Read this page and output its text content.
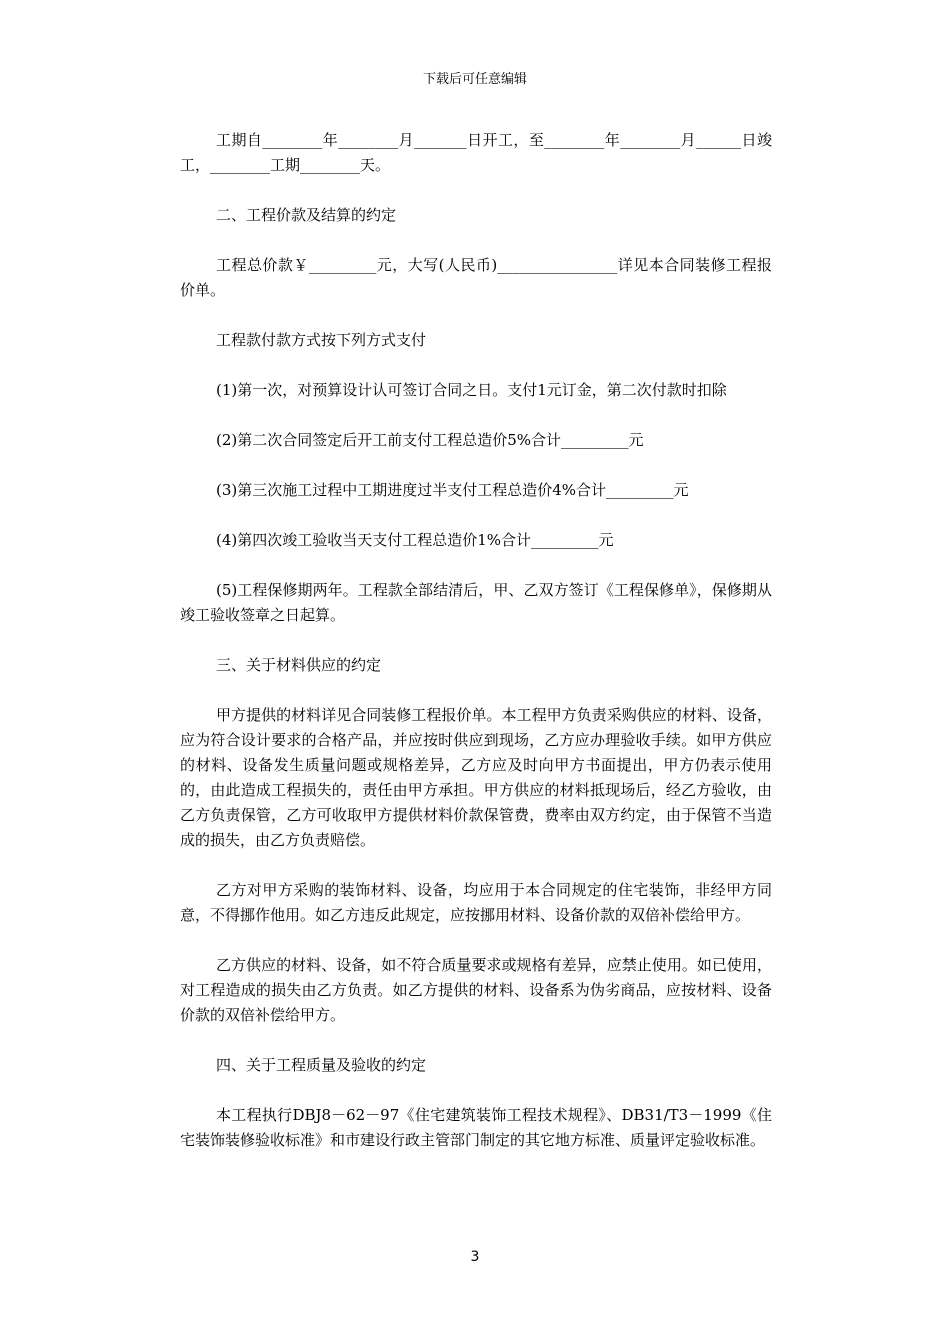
下载后可任意编辑

工期自________年________月_______日开工，至________年________月______日竣工，________工期________天。

二、工程价款及结算的约定

工程总价款￥_________元，大写(人民币)________________详见本合同装修工程报价单。

工程款付款方式按下列方式支付

(1)第一次，对预算设计认可签订合同之日。支付1元订金，第二次付款时扣除

(2)第二次合同签定后开工前支付工程总造价5%合计_________元

(3)第三次施工过程中工期进度过半支付工程总造价4%合计_________元

(4)第四次竣工验收当天支付工程总造价1%合计_________元

(5)工程保修期两年。工程款全部结清后，甲、乙双方签订《工程保修单》，保修期从竣工验收签章之日起算。

三、关于材料供应的约定

甲方提供的材料详见合同装修工程报价单。本工程甲方负责采购供应的材料、设备，应为符合设计要求的合格产品，并应按时供应到现场，乙方应办理验收手续。如甲方供应的材料、设备发生质量问题或规格差异，乙方应及时向甲方书面提出，甲方仍表示使用的，由此造成工程损失的，责任由甲方承担。甲方供应的材料抵现场后，经乙方验收，由乙方负责保管，乙方可收取甲方提供材料价款保管费，费率由双方约定，由于保管不当造成的损失，由乙方负责赔偿。

乙方对甲方采购的装饰材料、设备，均应用于本合同规定的住宅装饰，非经甲方同意，不得挪作他用。如乙方违反此规定，应按挪用材料、设备价款的双倍补偿给甲方。

乙方供应的材料、设备，如不符合质量要求或规格有差异，应禁止使用。如已使用，对工程造成的损失由乙方负责。如乙方提供的材料、设备系为伪劣商品，应按材料、设备价款的双倍补偿给甲方。

四、关于工程质量及验收的约定

本工程执行DBJ8－62－97《住宅建筑装饰工程技术规程》、DB31/T3－1999《住宅装饰装修验收标准》和市建设行政主管部门制定的其它地方标准、质量评定验收标准。

3
